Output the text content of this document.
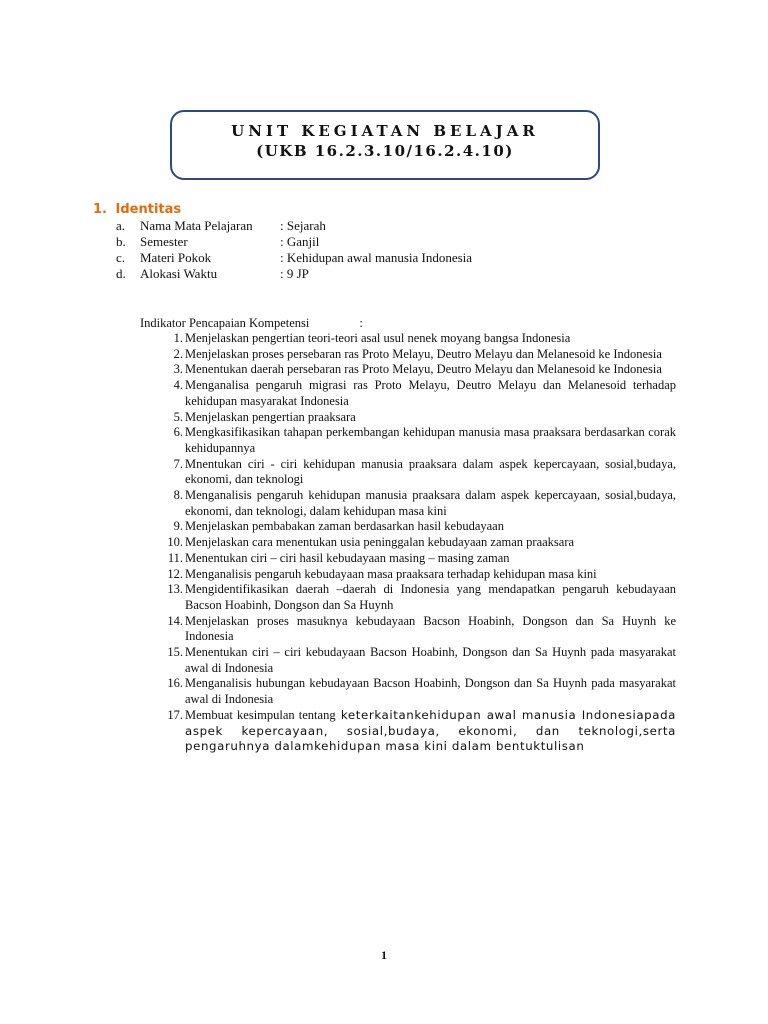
UNIT KEGIATAN BELAJAR
(UKB 16.2.3.10/16.2.4.10)
1. Identitas
a.	Nama Mata Pelajaran	: Sejarah
b.	Semester	: Ganjil
c.	Materi Pokok	: Kehidupan awal manusia Indonesia
d.	Alokasi Waktu	: 9 JP
Indikator Pencapaian Kompetensi	:
1. Menjelaskan pengertian teori-teori asal usul nenek moyang bangsa Indonesia
2. Menjelaskan proses persebaran ras Proto Melayu, Deutro Melayu dan Melanesoid ke Indonesia
3. Menentukan daerah persebaran ras Proto Melayu, Deutro Melayu dan Melanesoid ke Indonesia
4. Menganalisa pengaruh migrasi ras Proto Melayu, Deutro Melayu dan Melanesoid terhadap kehidupan masyarakat Indonesia
5. Menjelaskan pengertian praaksara
6. Mengkasifikasikan tahapan perkembangan kehidupan manusia masa praaksara berdasarkan corak kehidupannya
7. Mnentukan ciri - ciri kehidupan manusia praaksara dalam aspek kepercayaan, sosial,budaya, ekonomi, dan teknologi
8. Menganalisis pengaruh kehidupan manusia praaksara dalam aspek kepercayaan, sosial,budaya, ekonomi, dan teknologi, dalam kehidupan masa kini
9. Menjelaskan pembabakan zaman berdasarkan hasil kebudayaan
10. Menjelaskan cara menentukan usia peninggalan kebudayaan zaman praaksara
11. Menentukan ciri – ciri hasil kebudayaan masing – masing zaman
12. Menganalisis pengaruh kebudayaan masa praaksara terhadap kehidupan masa kini
13. Mengidentifikasikan daerah –daerah di Indonesia yang mendapatkan pengaruh kebudayaan Bacson Hoabinh, Dongson dan Sa Huynh
14. Menjelaskan proses masuknya kebudayaan Bacson Hoabinh, Dongson dan Sa Huynh ke Indonesia
15. Menentukan ciri – ciri kebudayaan Bacson Hoabinh, Dongson dan Sa Huynh pada masyarakat awal di Indonesia
16. Menganalisis hubungan kebudayaan Bacson Hoabinh, Dongson dan Sa Huynh pada masyarakat awal di Indonesia
17. Membuat kesimpulan tentang keterkaitankehidupan awal manusia Indonesiapada aspek kepercayaan, sosial,budaya, ekonomi, dan teknologi,serta pengaruhnya dalamkehidupan masa kini dalam bentuktulisan
1
